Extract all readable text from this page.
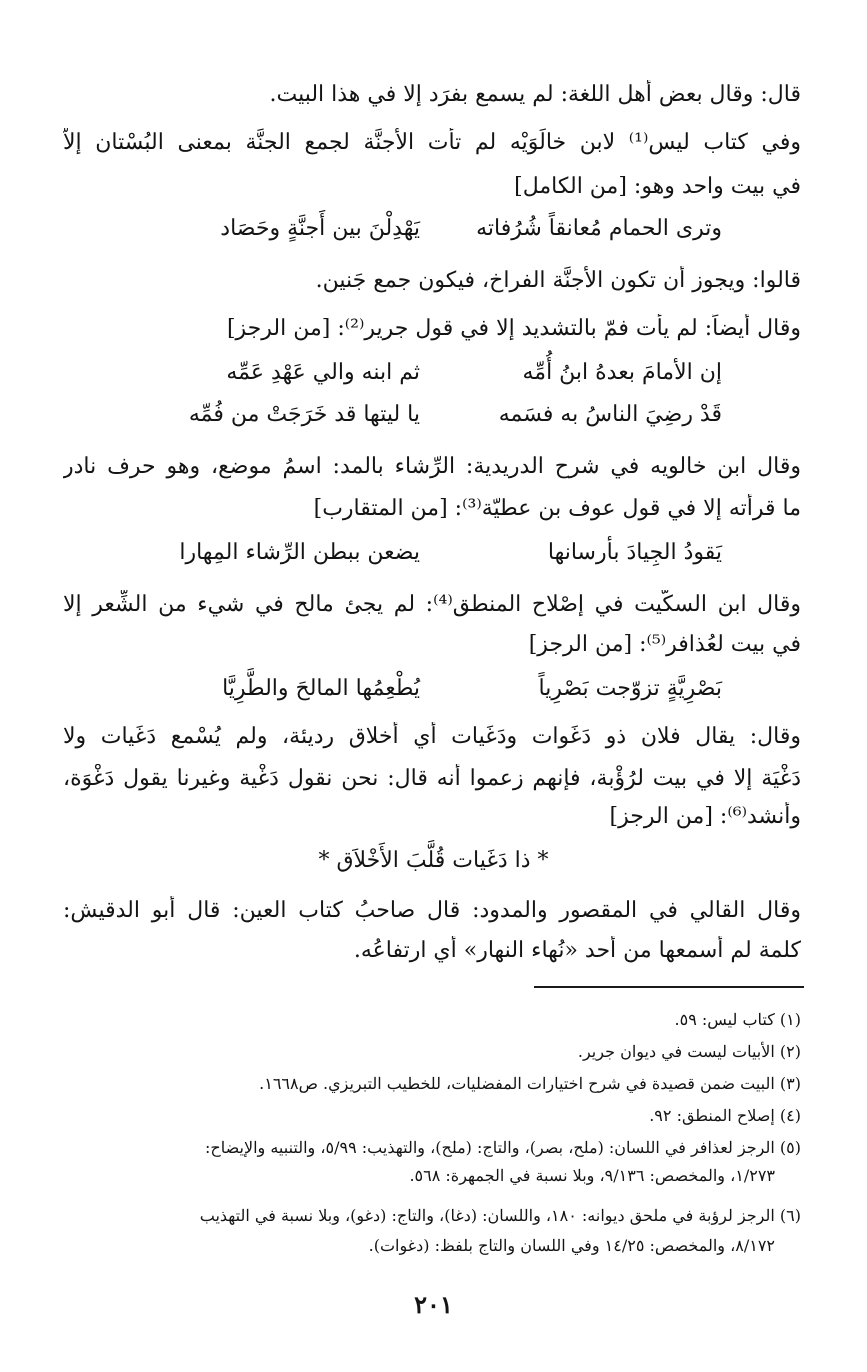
قال: وقال بعض أهل اللغة: لم يسمع بفرَد إلا في هذا البيت.
وفي كتاب ليس⁽¹⁾ لابن خالَوَيْه لم تأت الأَجنَّة لجمع الجنَّة بمعنى البُسْتان إلاَّ
في بيت واحد وهو: [من الكامل]
وترى الحمام مُعانقاً شُرُفاته
يَهْدِلْنَ بين أَجنَّةٍ وحَصَاد
قالوا: ويجوز أن تكون الأَجنَّة الفراخ، فيكون جمع جَنين.
وقال أيضاً: لم يأت فمّ بالتشديد إلا في قول جرير⁽²⁾: [من الرجز]
إن الأمامَ بعدهُ ابنُ أُمِّه
ثم ابنه والي عَهْدِ عَمِّه
قَدْ رضِيَ الناسُ به فسَمه
يا ليتها قد خَرَجَتْ من فُمِّه
وقال ابن خالويه في شرح الدريدية: الرِّشاء بالمد: اسمُ موضع، وهو حرف نادر
ما قرأته إلا في قول عوف بن عطيّة⁽³⁾: [من المتقارب]
يَقودُ الجِيادَ بأرسانها
يضعن ببطن الرِّشاء المِهارا
وقال ابن السكّيت في إصْلاح المنطق⁽⁴⁾: لم يجئ مالح في شيء من الشِّعر إلا
في بيت لعُذافر⁽⁵⁾: [من الرجز]
بَصْرِيَّةٍ تزوّجت بَصْرِياً
يُطْعِمُها المالحَ والطَّرِيَّا
وقال: يقال فلان ذو دَغَوات ودَغَيات أي أخلاق رديئة، ولم يُسْمع دَغَيات ولا
دَغْيَة إلا في بيت لرُؤْبة، فإنهم زعموا أنه قال: نحن نقول دَغْية وغيرنا يقول دَغْوَة،
وأنشد⁽⁶⁾: [من الرجز]
* ذا دَغَيات قُلَّبَ الأَخْلاَق *
وقال القالي في المقصور والمدود: قال صاحبُ كتاب العين: قال أبو الدقيش:
كلمة لم أسمعها من أحد «نُهاء النهار» أي ارتفاعُه.
(١) كتاب ليس: ٥٩.
(٢) الأبيات ليست في ديوان جرير.
(٣) البيت ضمن قصيدة في شرح اختيارات المفضليات، للخطيب التبريزي. ص١٦٦٨.
(٤) إصلاح المنطق: ٩٢.
(٥) الرجز لعذافر في اللسان: (ملح، بصر)، والتاج: (ملح)، والتهذيب: ٥/٩٩، والتنبيه والإيضاح:
١/٢٧٣، والمخصص: ٩/١٣٦، وبلا نسبة في الجمهرة: ٥٦٨.
(٦) الرجز لرؤبة في ملحق ديوانه: ١٨٠، واللسان: (دغا)، والتاج: (دغو)، وبلا نسبة في التهذيب
٨/١٧٢، والمخصص: ١٤/٢٥ وفي اللسان والتاج بلفظ: (دغوات).
٢٠١
